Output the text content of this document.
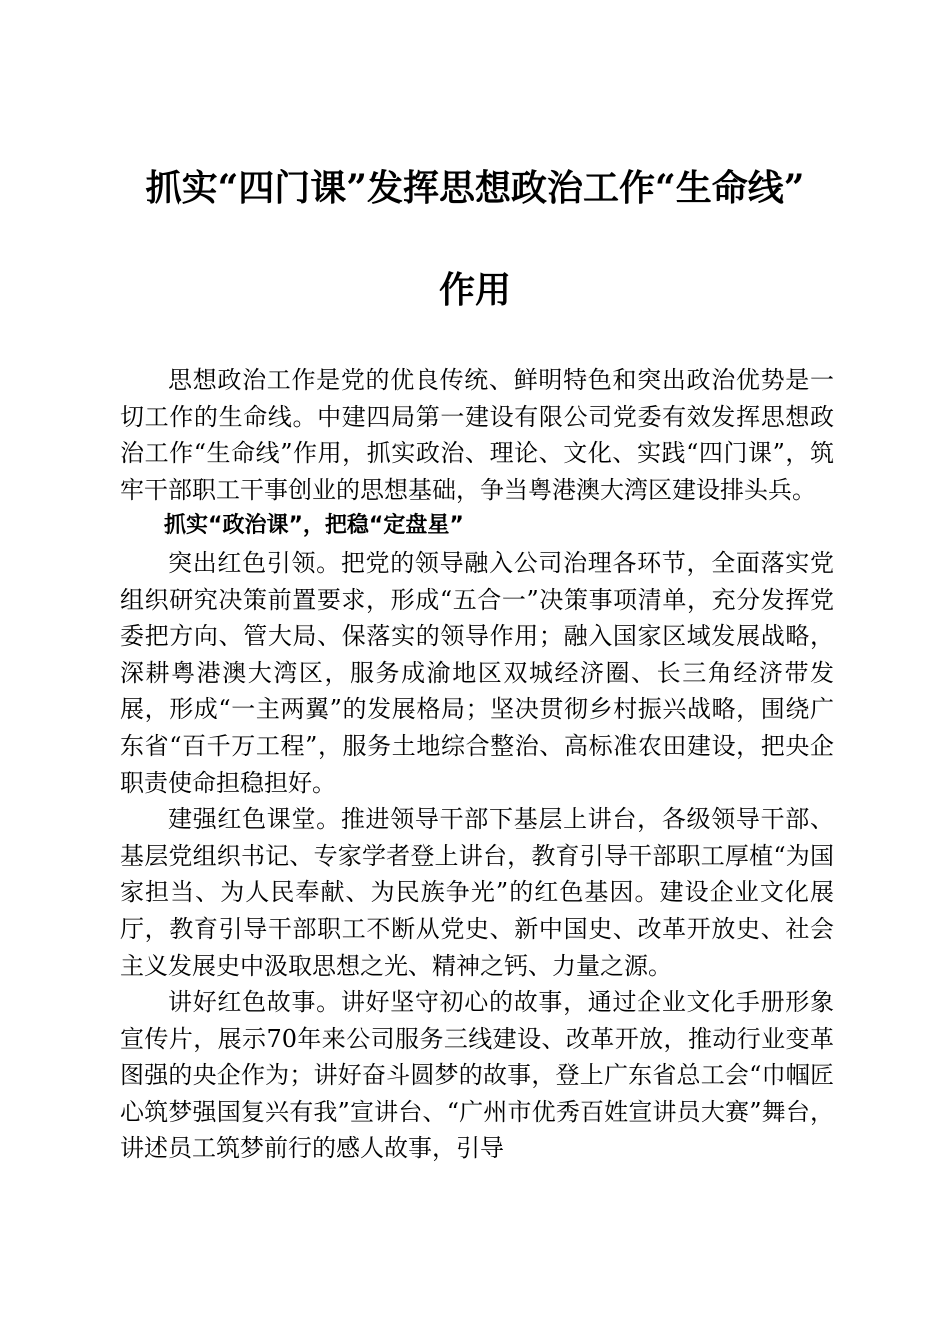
抓实“四门课”发挥思想政治工作“生命线”
作用

思想政治工作是党的优良传统、鲜明特色和突出政治优势是一切工作的生命线。中建四局第一建设有限公司党委有效发挥思想政治工作“生命线”作用，抓实政治、理论、文化、实践“四门课”，筑牢干部职工干事创业的思想基础，争当粤港澳大湾区建设排头兵。

抓实“政治课”，把稳“定盘星”

突出红色引领。把党的领导融入公司治理各环节，全面落实党组织研究决策前置要求，形成“五合一”决策事项清单，充分发挥党委把方向、管大局、保落实的领导作用；融入国家区域发展战略，深耕粤港澳大湾区，服务成渝地区双城经济圈、长三角经济带发展，形成“一主两翼”的发展格局；坚决贯彻乡村振兴战略，围绕广东省“百千万工程”，服务土地综合整治、高标准农田建设，把央企职责使命担稳担好。

建强红色课堂。推进领导干部下基层上讲台，各级领导干部、基层党组织书记、专家学者登上讲台，教育引导干部职工厚植“为国家担当、为人民奉献、为民族争光”的红色基因。建设企业文化展厅，教育引导干部职工不断从党史、新中国史、改革开放史、社会主义发展史中汲取思想之光、精神之钙、力量之源。

讲好红色故事。讲好坚守初心的故事，通过企业文化手册形象宣传片，展示70年来公司服务三线建设、改革开放，推动行业变革图强的央企作为；讲好奋斗圆梦的故事，登上广东省总工会“巾帼匠心筑梦强国复兴有我”宣讲台、“广州市优秀百姓宣讲员大赛”舞台，讲述员工筑梦前行的感人故事，引导
